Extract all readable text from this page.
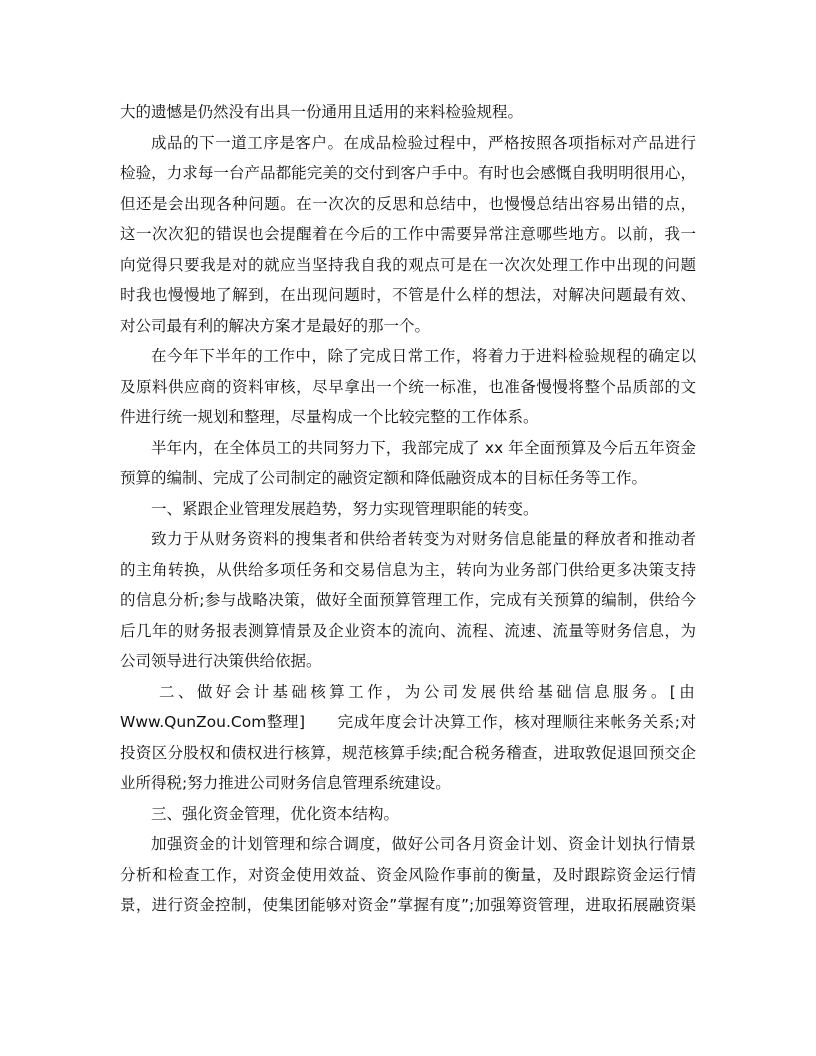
大的遗憾是仍然没有出具一份通用且适用的来料检验规程。
成品的下一道工序是客户。在成品检验过程中，严格按照各项指标对产品进行
检验，力求每一台产品都能完美的交付到客户手中。有时也会感慨自我明明很用心，
但还是会出现各种问题。在一次次的反思和总结中，也慢慢总结出容易出错的点，
这一次次犯的错误也会提醒着在今后的工作中需要异常注意哪些地方。以前，我一
向觉得只要我是对的就应当坚持我自我的观点可是在一次次处理工作中出现的问题
时我也慢慢地了解到，在出现问题时，不管是什么样的想法，对解决问题最有效、
对公司最有利的解决方案才是最好的那一个。
在今年下半年的工作中，除了完成日常工作，将着力于进料检验规程的确定以
及原料供应商的资料审核，尽早拿出一个统一标准，也准备慢慢将整个品质部的文
件进行统一规划和整理，尽量构成一个比较完整的工作体系。
半年内，在全体员工的共同努力下，我部完成了 xx 年全面预算及今后五年资金
预算的编制、完成了公司制定的融资定额和降低融资成本的目标任务等工作。
一、紧跟企业管理发展趋势，努力实现管理职能的转变。
致力于从财务资料的搜集者和供给者转变为对财务信息能量的释放者和推动者
的主角转换，从供给多项任务和交易信息为主，转向为业务部门供给更多决策支持
的信息分析;参与战略决策，做好全面预算管理工作，完成有关预算的编制，供给今
后几年的财务报表测算情景及企业资本的流向、流程、流速、流量等财务信息，为
公司领导进行决策供给依据。
二、做好会计基础核算工作，为公司发展供给基础信息服务。[由
Www.QunZou.Com整理]　　完成年度会计决算工作，核对理顺往来帐务关系;对
投资区分股权和债权进行核算，规范核算手续;配合税务稽查，进取敦促退回预交企
业所得税;努力推进公司财务信息管理系统建设。
三、强化资金管理，优化资本结构。
加强资金的计划管理和综合调度，做好公司各月资金计划、资金计划执行情景
分析和检查工作，对资金使用效益、资金风险作事前的衡量，及时跟踪资金运行情
景，进行资金控制，使集团能够对资金”掌握有度”;加强筹资管理，进取拓展融资渠
